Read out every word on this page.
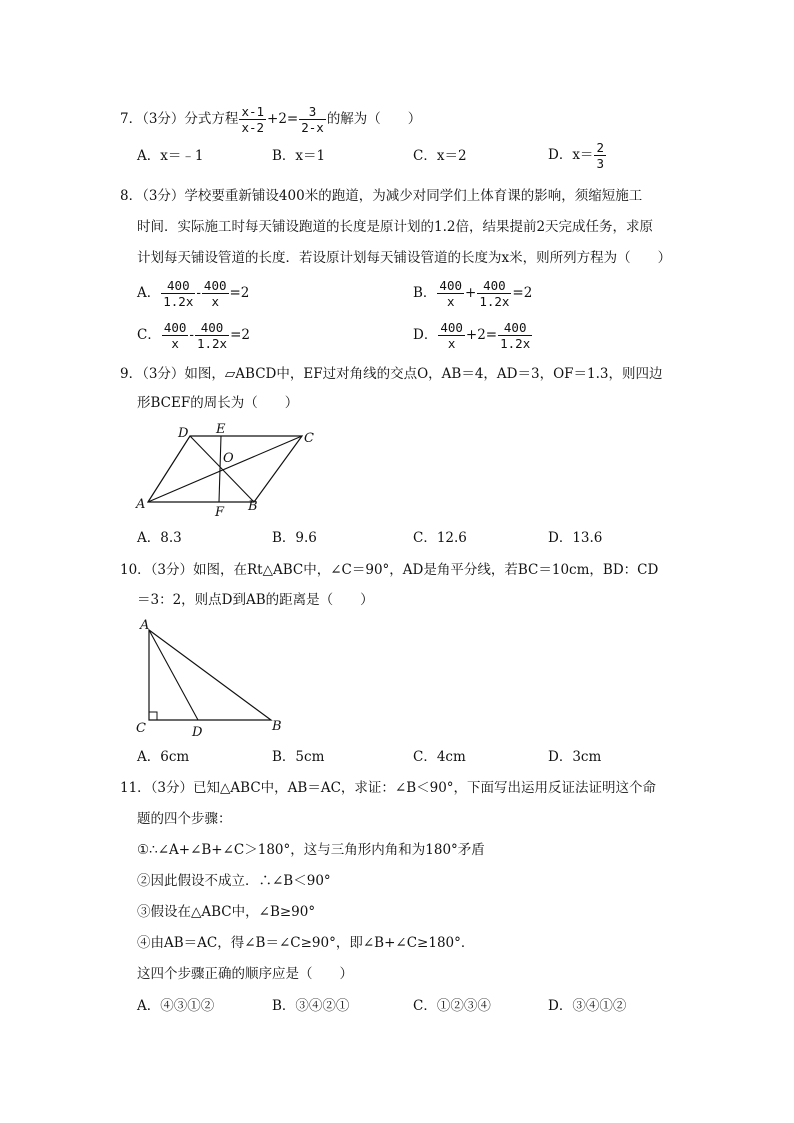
7．（3分）分式方程 $\frac{x-1}{x-2} +2= \frac{3}{2-x}$ 的解为（　　）
A．x＝﹣1	B．x＝1	C．x＝2	D．$x= \frac{2}{3}$
8．（3分）学校要重新铺设400米的跑道，为减少对同学们上体育课的影响，须缩短施工
时间．实际施工时每天铺设跑道的长度是原计划的1.2倍，结果提前2天完成任务，求原
计划每天铺设管道的长度．若设原计划每天铺设管道的长度为x米，则所列方程为（　　）
A． $\frac{400}{1.2x} - \frac{400}{x} =2$	B． $\frac{400}{x} + \frac{400}{1.2x} =2$
C． $\frac{400}{x} - \frac{400}{1.2x} =2$	D． $\frac{400}{x} +2= \frac{400}{1.2x}$
9．（3分）如图，▱ABCD中，EF过对角线的交点O，AB＝4，AD＝3，OF＝1.3，则四边
形BCEF的周长为（　　）
D E
C
O
A
F B
A．8.3	B．9.6	C．12.6	D．13.6
10．（3分）如图，在Rt△ABC中，∠C＝90°，AD是角平分线，若BC＝10cm，BD：CD
＝3：2，则点D到AB的距离是（　　）
A
C	D	B
A．6cm	B．5cm	C．4cm	D．3cm
11．（3分）已知△ABC中，AB＝AC，求证：∠B＜90°，下面写出运用反证法证明这个命
题的四个步骤：
①∴∠A+∠B+∠C＞180°，这与三角形内角和为180°矛盾
②因此假设不成立．∴∠B＜90°
③假设在△ABC中，∠B≥90°
④由AB＝AC，得∠B＝∠C≥90°，即∠B+∠C≥180°．
这四个步骤正确的顺序应是（　　）
A．④③①②	B．③④②①	C．①②③④	D．③④①②
